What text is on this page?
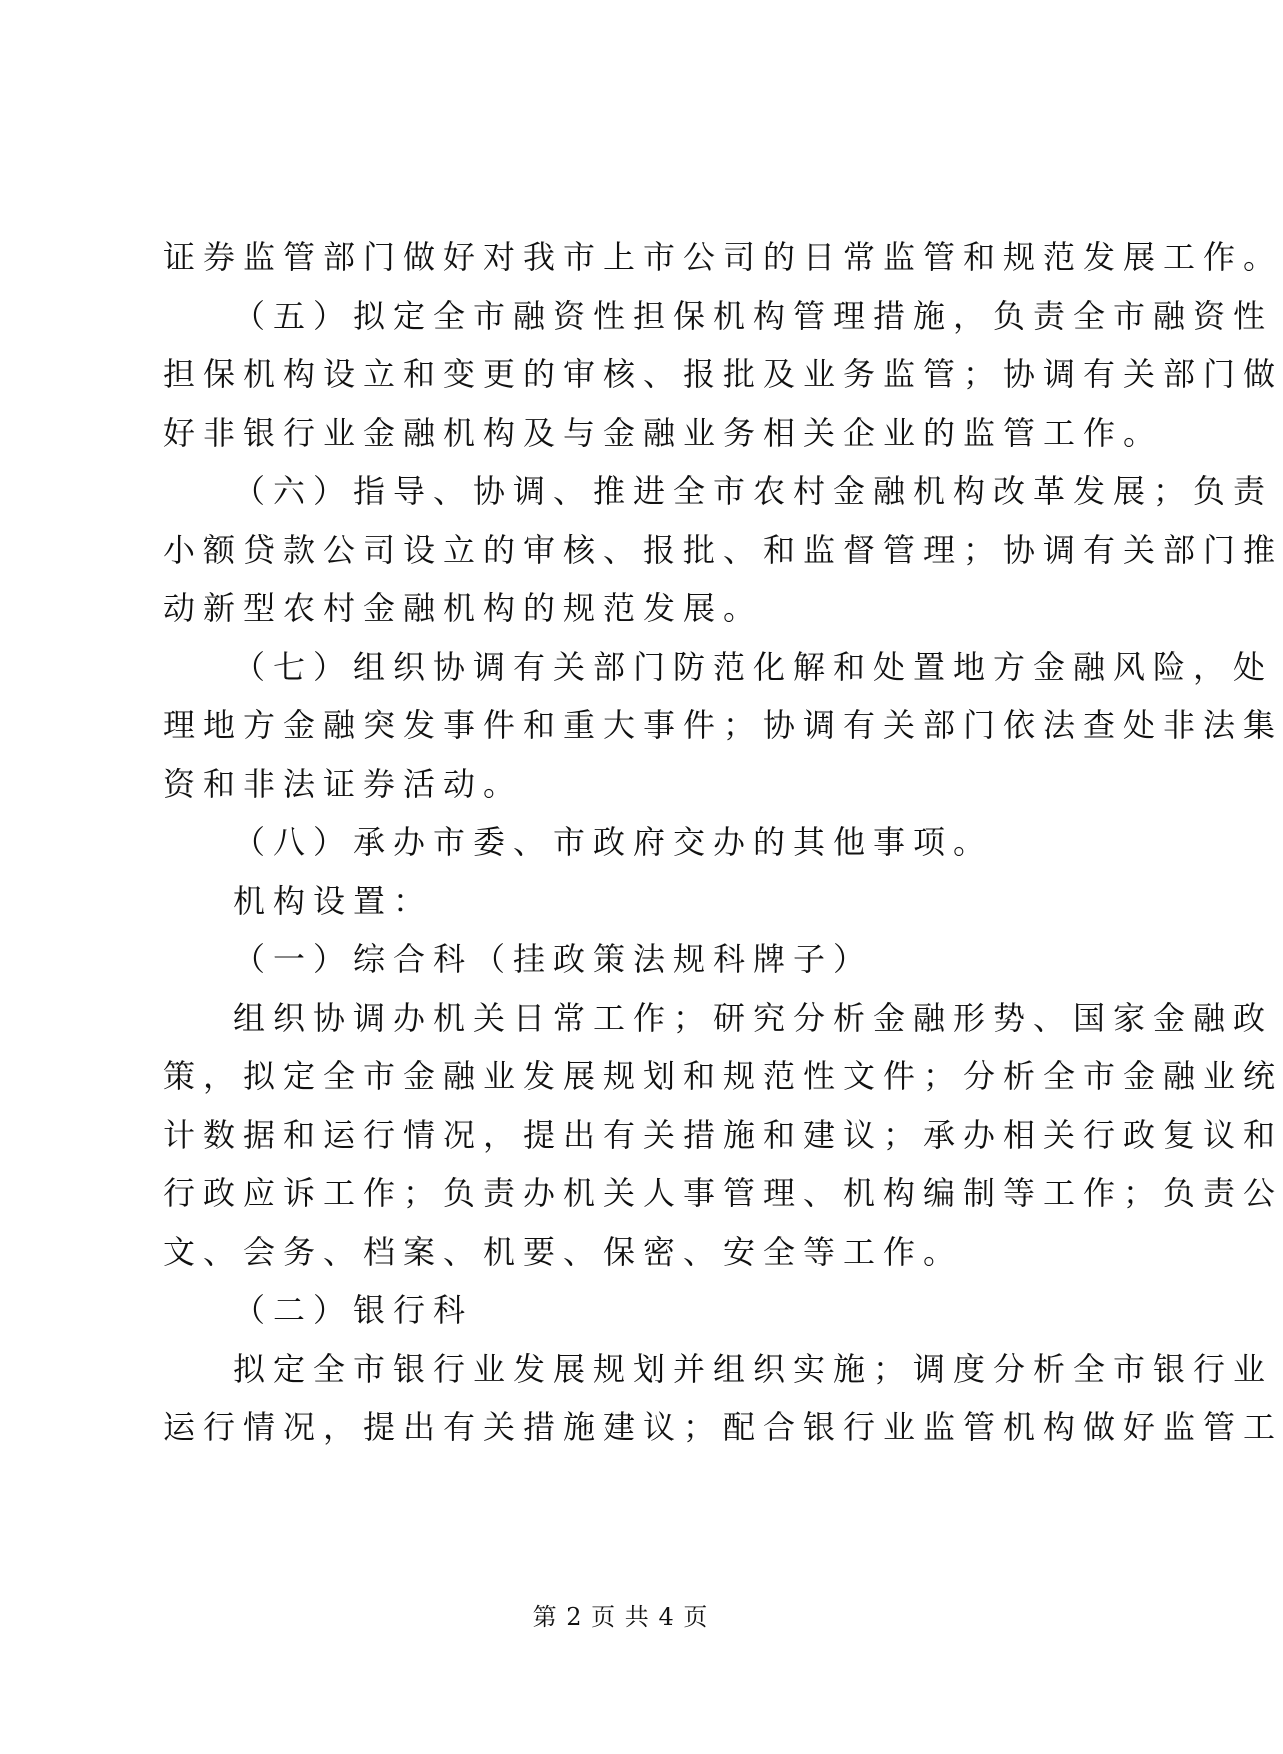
证券监管部门做好对我市上市公司的日常监管和规范发展工作。
（五）拟定全市融资性担保机构管理措施，负责全市融资性
担保机构设立和变更的审核、报批及业务监管；协调有关部门做
好非银行业金融机构及与金融业务相关企业的监管工作。
（六）指导、协调、推进全市农村金融机构改革发展；负责
小额贷款公司设立的审核、报批、和监督管理；协调有关部门推
动新型农村金融机构的规范发展。
（七）组织协调有关部门防范化解和处置地方金融风险，处
理地方金融突发事件和重大事件；协调有关部门依法查处非法集
资和非法证券活动。
（八）承办市委、市政府交办的其他事项。
机构设置：
（一）综合科（挂政策法规科牌子）
组织协调办机关日常工作；研究分析金融形势、国家金融政
策，拟定全市金融业发展规划和规范性文件；分析全市金融业统
计数据和运行情况，提出有关措施和建议；承办相关行政复议和
行政应诉工作；负责办机关人事管理、机构编制等工作；负责公
文、会务、档案、机要、保密、安全等工作。
（二）银行科
拟定全市银行业发展规划并组织实施；调度分析全市银行业
运行情况，提出有关措施建议；配合银行业监管机构做好监管工
第 2 页 共 4 页
